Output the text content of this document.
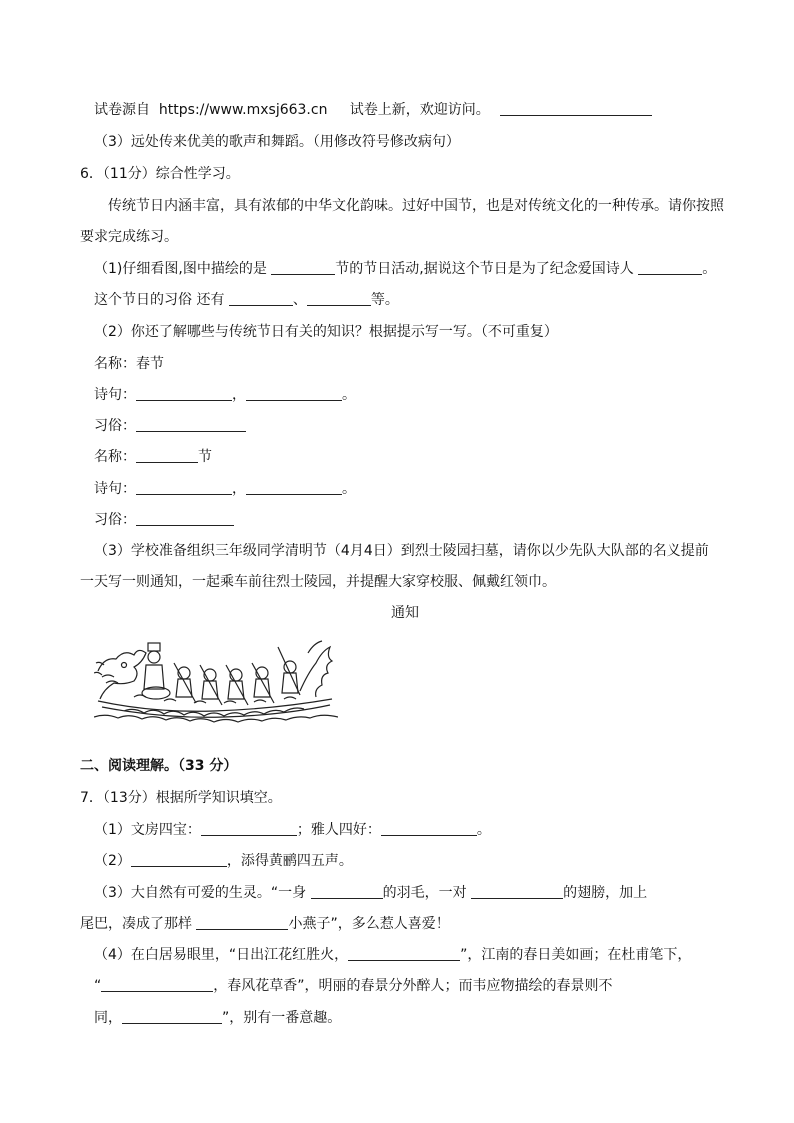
试卷源自 https://www.mxsj663.cn 试卷上新，欢迎访问。
（3）远处传来优美的歌声和舞蹈。（用修改符号修改病句）
6．（11分）综合性学习。
传统节日内涵丰富，具有浓郁的中华文化韵味。过好中国节，也是对传统文化的一种传承。请你按照
要求完成练习。
（1)仔细看图,图中描绘的是	节的节日活动,据说这个节日是为了纪念爱国诗人	。
这个节日的习俗 还有	、	等。
（2）你还了解哪些与传统节日有关的知识？根据提示写一写。（不可重复）
名称：春节
诗句：	，	。
习俗：
名称：	节
诗句：	，	。
习俗：
（3）学校准备组织三年级同学清明节（4月4日）到烈士陵园扫墓，请你以少先队大队部的名义提前
一天写一则通知，一起乘车前往烈士陵园，并提醒大家穿校服、佩戴红领巾。
通知
二、阅读理解。（33 分）
7．（13分）根据所学知识填空。
（1）文房四宝：	；雅人四好：	。
（2）	，添得黄鹂四五声。
（3）大自然有可爱的生灵。“一身	的羽毛，一对	的翅膀，加上
尾巴，凑成了那样	小燕子”，多么惹人喜爱！
（4）在白居易眼里，“日出江花红胜火，	”，江南的春日美如画；在杜甫笔下，
“	，春风花草香”，明丽的春景分外醉人；而韦应物描绘的春景则不
同，	”，别有一番意趣。
